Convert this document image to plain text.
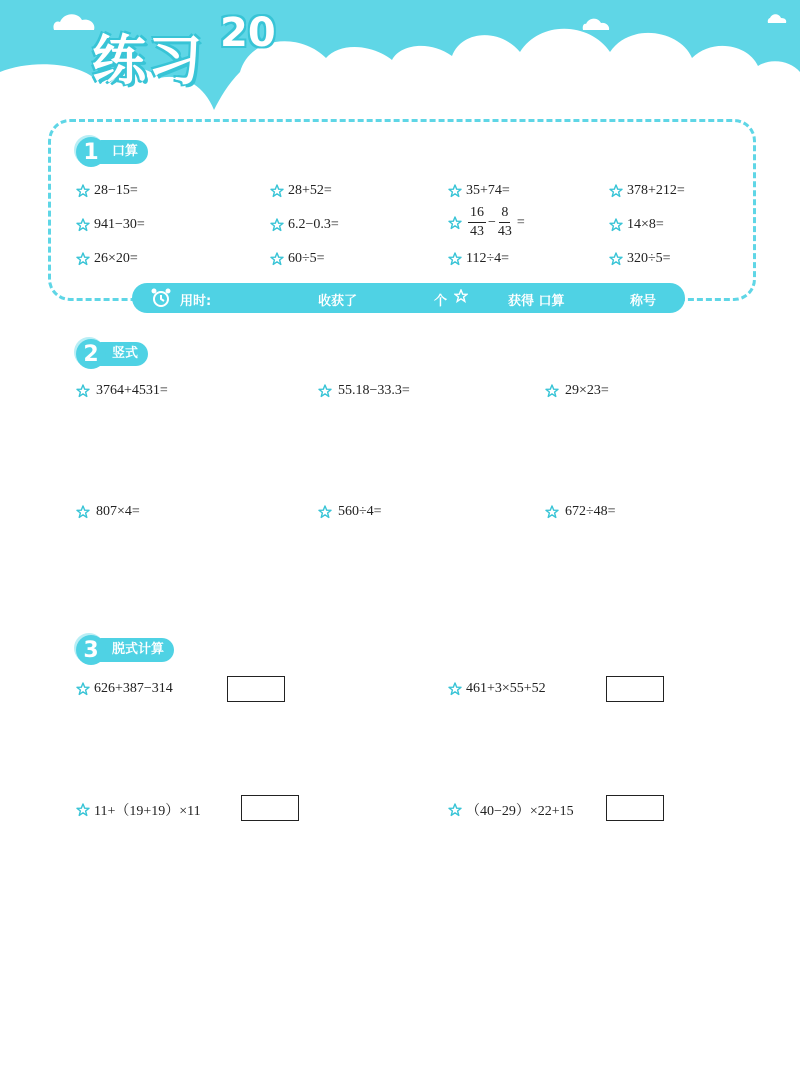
练习 20
1	口算
28−15=	28+52=	35+74=	378+212=
941−30=	6.2−0.3=	$\frac{16}{43} - \frac{8}{43}$ =	14×8=
26×20=	60÷5=	112÷4=	320÷5=
用时:	收获了	个	获得 口算	称号
2	竖式
3764+4531=	55.18−33.3=	29×23=
807×4=	560÷4=	672÷48=
3	脱式计算
626+387−314	461+3×55+52
11+（19+19）×11	（40−29）×22+15
